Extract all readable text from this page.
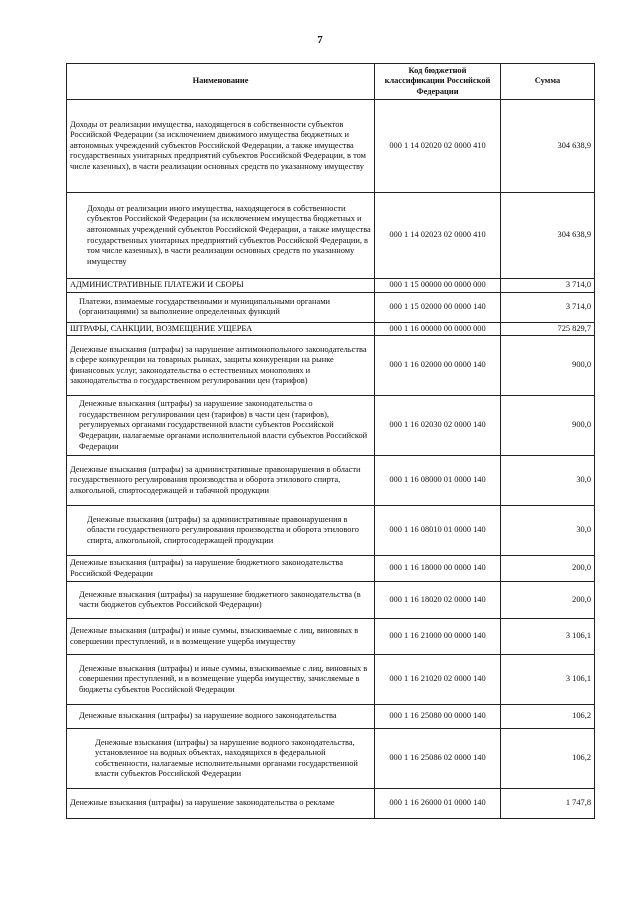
7
Наименование	Код бюджетной классификации Российской Федерации	Сумма
Доходы от реализации имущества, находящегося в собственности субъектов Российской Федерации (за исключением движимого имущества бюджетных и автономных учреждений субъектов Российской Федерации, а также имущества государственных унитарных предприятий субъектов Российской Федерации, в том числе казенных), в части реализации основных средств по указанному имуществу	000 1 14 02020 02 0000 410	304 638,9
Доходы от реализации иного имущества, находящегося в собственности субъектов Российской Федерации (за исключением имущества бюджетных и автономных учреждений субъектов Российской Федерации, а также имущества государственных унитарных предприятий субъектов Российской Федерации, в том числе казенных), в части реализации основных средств по указанному имуществу	000 1 14 02023 02 0000 410	304 638,9
АДМИНИСТРАТИВНЫЕ ПЛАТЕЖИ И СБОРЫ	000 1 15 00000 00 0000 000	3 714,0
Платежи, взимаемые государственными и муниципальными органами (организациями) за выполнение определенных функций	000 1 15 02000 00 0000 140	3 714,0
ШТРАФЫ, САНКЦИИ, ВОЗМЕЩЕНИЕ УЩЕРБА	000 1 16 00000 00 0000 000	725 829,7
Денежные взыскания (штрафы) за нарушение антимонопольного законодательства в сфере конкуренции на товарных рынках, защиты конкуренции на рынке финансовых услуг, законодательства о естественных монополиях и законодательства о государственном регулировании цен (тарифов)	000 1 16 02000 00 0000 140	900,0
Денежные взыскания (штрафы) за нарушение законодательства о государственном регулировании цен (тарифов) в части цен (тарифов), регулируемых органами государственной власти субъектов Российской Федерации, налагаемые органами исполнительной власти субъектов Российской Федерации	000 1 16 02030 02 0000 140	900,0
Денежные взыскания (штрафы) за административные правонарушения в области государственного регулирования производства и оборота этилового спирта, алкогольной, спиртосодержащей и табачной продукции	000 1 16 08000 01 0000 140	30,0
Денежные взыскания (штрафы) за административные правонарушения в области государственного регулирования производства и оборота этилового спирта, алкогольной, спиртосодержащей продукции	000 1 16 08010 01 0000 140	30,0
Денежные взыскания (штрафы) за нарушение бюджетного законодательства Российской Федерации	000 1 16 18000 00 0000 140	200,0
Денежные взыскания (штрафы) за нарушение бюджетного законодательства (в части бюджетов субъектов Российской Федерации)	000 1 16 18020 02 0000 140	200,0
Денежные взыскания (штрафы) и иные суммы, взыскиваемые с лиц, виновных в совершении преступлений, и в возмещение ущерба имуществу	000 1 16 21000 00 0000 140	3 106,1
Денежные взыскания (штрафы) и иные суммы, взыскиваемые с лиц, виновных в совершении преступлений, и в возмещение ущерба имуществу, зачисляемые в бюджеты субъектов Российской Федерации	000 1 16 21020 02 0000 140	3 106,1
Денежные взыскания (штрафы) за нарушение водного законодательства	000 1 16 25080 00 0000 140	106,2
Денежные взыскания (штрафы) за нарушение водного законодательства, установленное на водных объектах, находящихся в федеральной собственности, налагаемые исполнительными органами государственной власти субъектов Российской Федерации	000 1 16 25086 02 0000 140	106,2
Денежные взыскания (штрафы) за нарушение законодательства о рекламе	000 1 16 26000 01 0000 140	1 747,8
